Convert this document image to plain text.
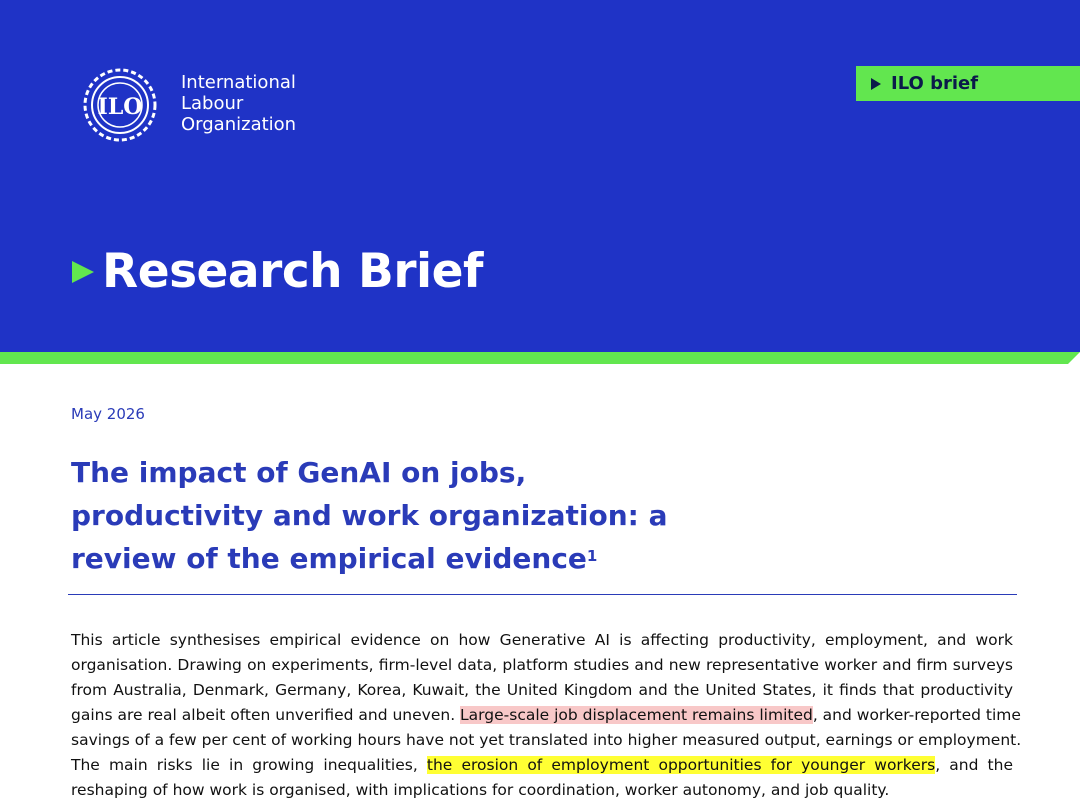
ILO
International
Labour
Organization
ILO brief
Research Brief
May 2026
The impact of GenAI on jobs,
productivity and work organization: a
review of the empirical evidence$^1$
This article synthesises empirical evidence on how Generative AI is affecting productivity, employment, and work
organisation. Drawing on experiments, firm-level data, platform studies and new representative worker and firm surveys
from Australia, Denmark, Germany, Korea, Kuwait, the United Kingdom and the United States, it finds that productivity
gains are real albeit often unverified and uneven. Large-scale job displacement remains limited, and worker-reported time
savings of a few per cent of working hours have not yet translated into higher measured output, earnings or employment.
The main risks lie in growing inequalities, the erosion of employment opportunities for younger workers, and the
reshaping of how work is organised, with implications for coordination, worker autonomy, and job quality.
